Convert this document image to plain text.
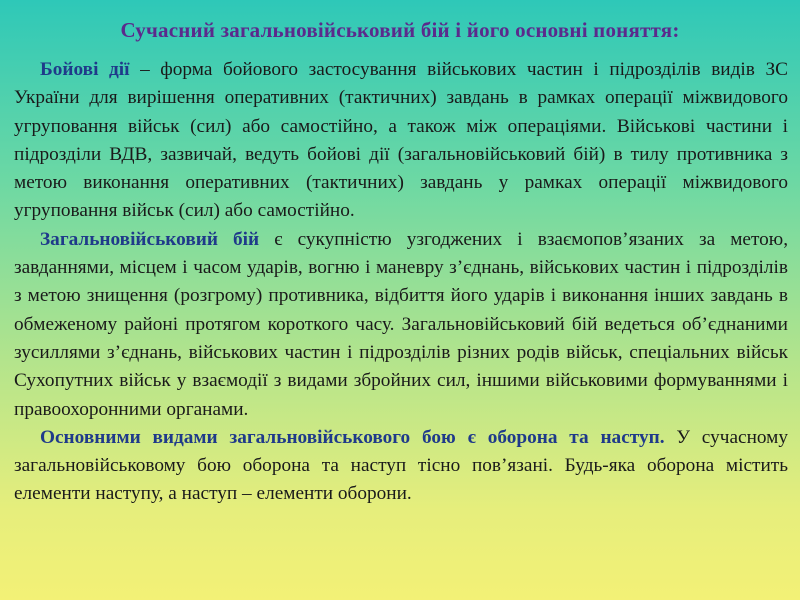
Сучасний загальновійськовий бій і його основні поняття:

Бойові дії – форма бойового застосування військових частин і підрозділів видів ЗС України для вирішення оперативних (тактичних) завдань в рамках операції міжвидового угруповання військ (сил) або самостійно, а також між операціями. Військові частини і підрозділи ВДВ, зазвичай, ведуть бойові дії (загальновійськовий бій) в тилу противника з метою виконання оперативних (тактичних) завдань у рамках операції міжвидового угруповання військ (сил) або самостійно.

Загальновійськовий бій є сукупністю узгоджених і взаємопов’язаних за метою, завданнями, місцем і часом ударів, вогню і маневру з’єднань, військових частин і підрозділів з метою знищення (розгрому) противника, відбиття його ударів і виконання інших завдань в обмеженому районі протягом короткого часу. Загальновійськовий бій ведеться об’єднаними зусиллями з’єднань, військових частин і підрозділів різних родів військ, спеціальних військ Сухопутних військ у взаємодії з видами збройних сил, іншими військовими формуваннями і правоохоронними органами.

Основними видами загальновійськового бою є оборона та наступ. У сучасному загальновійськовому бою оборона та наступ тісно пов’язані. Будь-яка оборона містить елементи наступу, а наступ – елементи оборони.
